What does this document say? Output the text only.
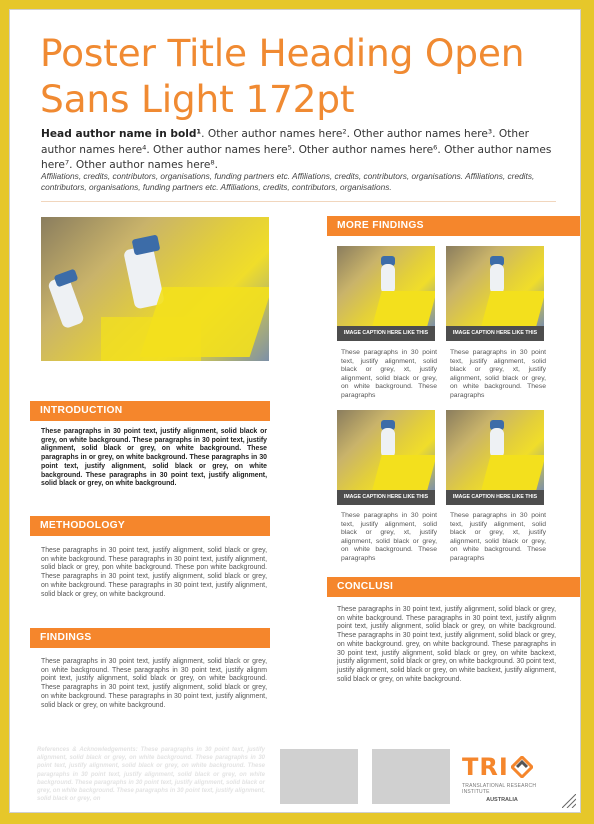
Poster Title Heading Open Sans Light 172pt
Head author name in bold¹. Other author names here². Other author names here³. Other author names here⁴. Other author names here⁵. Other author names here⁶. Other author names here⁷. Other author names here⁸.
Affiliations, credits, contributors, organisations, funding partners etc. Affiliations, credits, contributors, organisations. Affiliations, credits, contributors, organisations, funding partners etc. Affiliations, credits, contributors, organisations.
INTRODUCTION
These paragraphs in 30 point text, justify alignment, solid black or grey, on white background. These paragraphs in 30 point text, justify alignment, solid black or grey, on white background. These paragraphs in or grey, on white background. These paragraphs in 30 point text, justify alignment, solid black or grey, on white background. These paragraphs in 30 point text, justify alignment, solid black or grey, on white background.
METHODOLOGY
These paragraphs in 30 point text, justify alignment, solid black or grey, on white background. These paragraphs in 30 point text, justify alignment, solid black or grey, pon white background. These pon white background. These paragraphs in 30 point text, justify alignment, solid black or grey, on white background. These paragraphs in 30 point text, justify alignment, solid black or grey, on white background.
FINDINGS
These paragraphs in 30 point text, justify alignment, solid black or grey, on white background. These paragraphs in 30 point text, justify alignm point text, justify alignment, solid black or grey, on white background. These paragraphs in 30 point text, justify alignment, solid black or grey, on white background. These paragraphs in 30 point text, justify alignment, solid black or grey, on white background.
MORE FINDINGS
IMAGE CAPTION HERE LIKE THIS
These paragraphs in 30 point text, justify alignment, solid black or grey, xt, justify alignment, solid black or grey, on white background. These paragraphs
IMAGE CAPTION HERE LIKE THIS
These paragraphs in 30 point text, justify alignment, solid black or grey, xt, justify alignment, solid black or grey, on white background. These paragraphs
IMAGE CAPTION HERE LIKE THIS
These paragraphs in 30 point text, justify alignment, solid black or grey, xt, justify alignment, solid black or grey, on white background. These paragraphs
IMAGE CAPTION HERE LIKE THIS
These paragraphs in 30 point text, justify alignment, solid black or grey, xt, justify alignment, solid black or grey, on white background. These paragraphs
CONCLUSI
These paragraphs in 30 point text, justify alignment, solid black or grey, on white background. These paragraphs in 30 point text, justify alignm point text, justify alignment, solid black or grey, on white background. These paragraphs in 30 point text, justify alignment, solid black or grey, on white background. grey, on white background. These paragraphs in 30 point text, justify alignment, solid black or grey, on white backext, justify alignment, solid black or grey, on white background. 30 point text, justify alignment, solid black or grey, on white backext, justify alignment, solid black or grey, on white background.
References & Acknowledgements: These paragraphs in 30 point text, justify alignment, solid black or grey, on white background. These paragraphs in 30 point text, justify alignment, solid black or grey, on white background. These paragraphs in 30 point text, justify alignment, solid black or grey, on white background. These paragraphs in 30 point text, justify alignment, solid black or grey, on white background. These paragraphs in 30 point text, justify alignment, solid black or grey, on
TRI
TRANSLATIONAL RESEARCH INSTITUTE
AUSTRALIA
